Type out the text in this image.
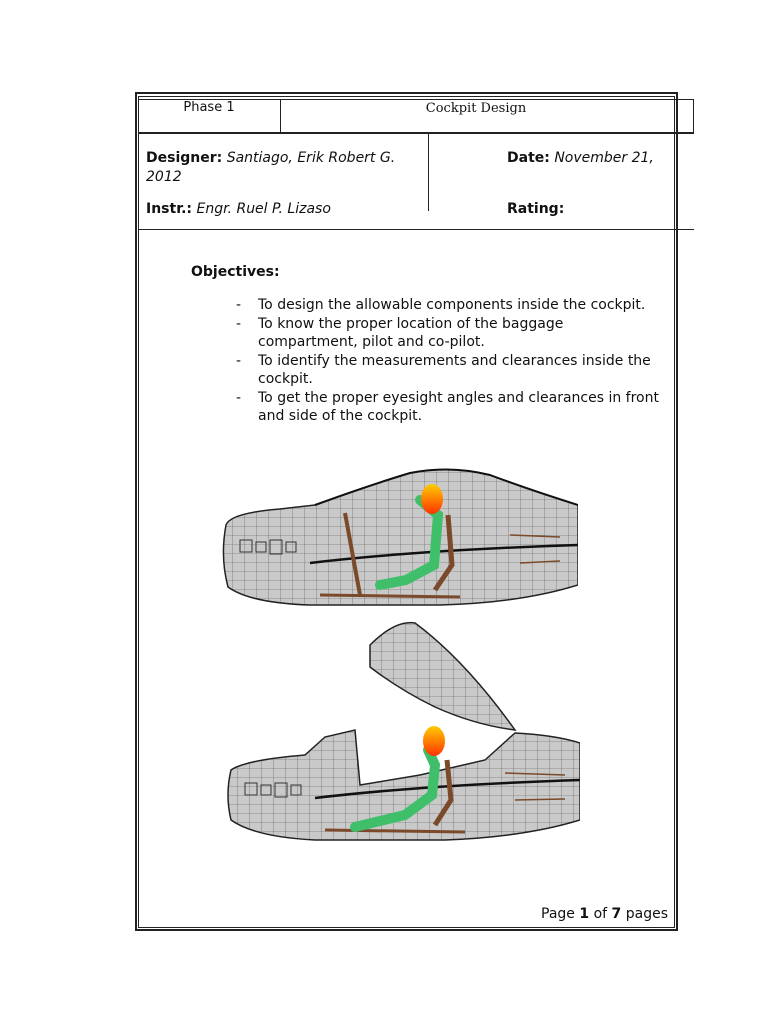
Phase 1	Cockpit Design
Designer: Santiago, Erik Robert G.
2012
Date: November 21,
Instr.: Engr. Ruel P. Lizaso	Rating:
Objectives:
- To design the allowable components inside the cockpit.
- To know the proper location of the baggage compartment, pilot and co-pilot.
- To identify the measurements and clearances inside the cockpit.
- To get the proper eyesight angles and clearances in front and side of the cockpit.
Page 1 of 7 pages
